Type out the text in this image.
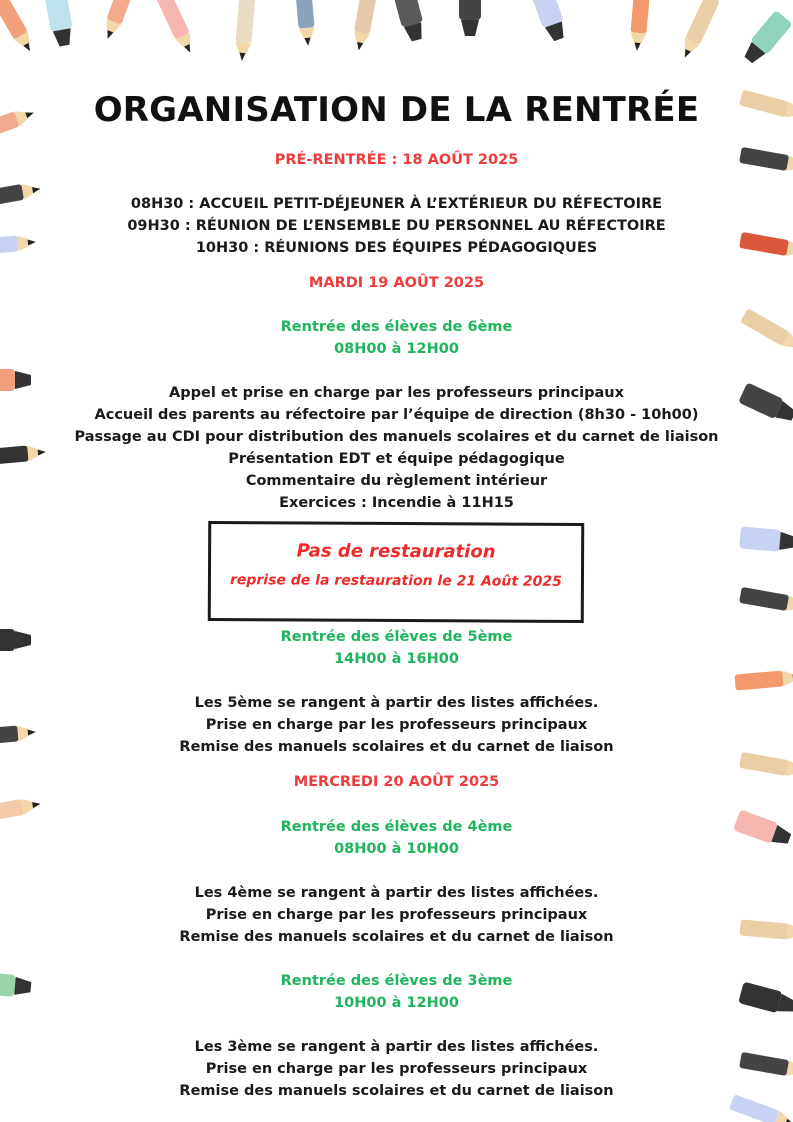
ORGANISATION DE LA RENTRÉE
PRÉ-RENTRÉE : 18 AOÛT 2025
08H30 : ACCUEIL PETIT-DÉJEUNER À L’EXTÉRIEUR DU RÉFECTOIRE
09H30 : RÉUNION DE L’ENSEMBLE DU PERSONNEL AU RÉFECTOIRE
10H30 : RÉUNIONS DES ÉQUIPES PÉDAGOGIQUES
MARDI 19 AOÛT 2025
Rentrée des élèves de 6ème
08H00 à 12H00
Appel et prise en charge par les professeurs principaux
Accueil des parents au réfectoire par l’équipe de direction (8h30 - 10h00)
Passage au CDI pour distribution des manuels scolaires et du carnet de liaison
Présentation EDT et équipe pédagogique
Commentaire du règlement intérieur
Exercices : Incendie à 11H15
Pas de restauration
reprise de la restauration le 21 Août 2025
Rentrée des élèves de 5ème
14H00 à 16H00
Les 5ème se rangent à partir des listes affichées.
Prise en charge par les professeurs principaux
Remise des manuels scolaires et du carnet de liaison
MERCREDI 20 AOÛT 2025
Rentrée des élèves de 4ème
08H00 à 10H00
Les 4ème se rangent à partir des listes affichées.
Prise en charge par les professeurs principaux
Remise des manuels scolaires et du carnet de liaison
Rentrée des élèves de 3ème
10H00 à 12H00
Les 3ème se rangent à partir des listes affichées.
Prise en charge par les professeurs principaux
Remise des manuels scolaires et du carnet de liaison
